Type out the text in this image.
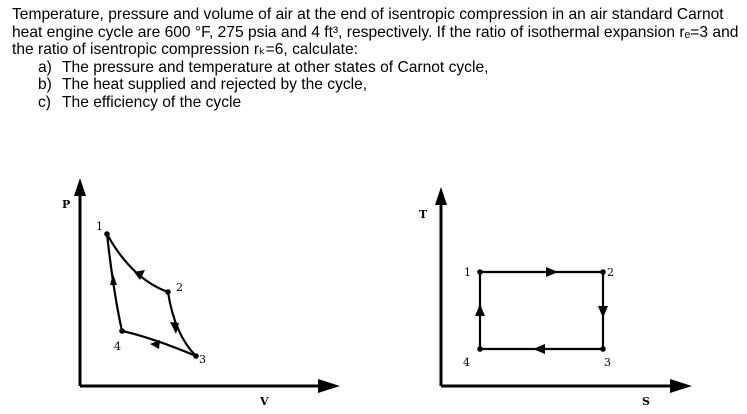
Temperature, pressure and volume of air at the end of isentropic compression in an air standard Carnot heat engine cycle are 600 °F, 275 psia and 4 ft³, respectively. If the ratio of isothermal expansion rₑ=3 and the ratio of isentropic compression rₖ=6, calculate:

a) The pressure and temperature at other states of Carnot cycle,
b) The heat supplied and rejected by the cycle,
c) The efficiency of the cycle
P
V
1
2
3
4
T
S
1	2
3
4
